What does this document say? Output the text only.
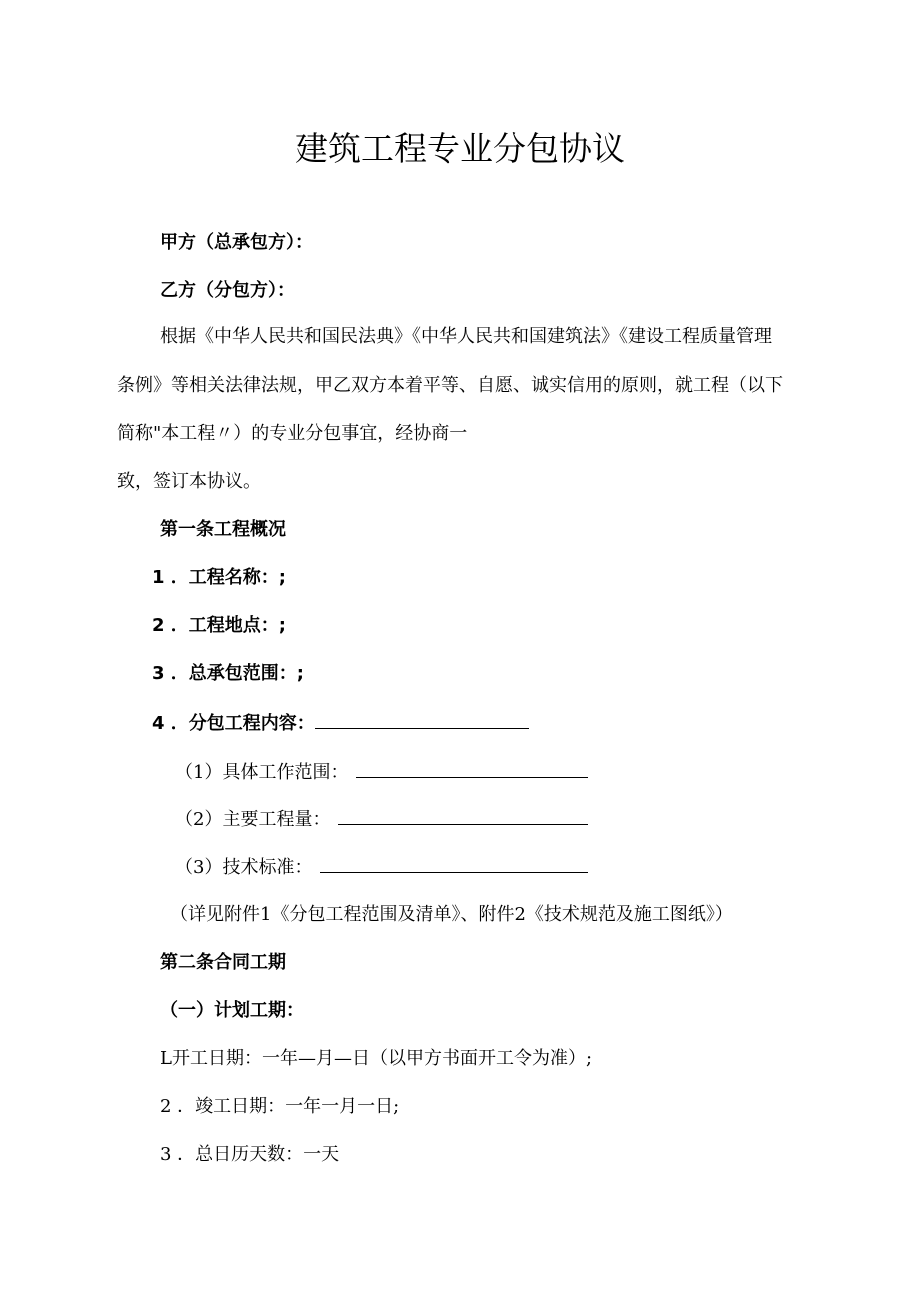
建筑工程专业分包协议
甲方（总承包方）：
乙方（分包方）：
根据《中华人民共和国民法典》《中华人民共和国建筑法》《建设工程质量管理
条例》等相关法律法规，甲乙双方本着平等、自愿、诚实信用的原则，就工程（以下
简称"本工程〃）的专业分包事宜，经协商一
致，签订本协议。
第一条工程概况
1 ．工程名称：;
2 ．工程地点：;
3 ．总承包范围：;
4 ．分包工程内容：
（1）具体工作范围：
（2）主要工程量：
（3）技术标准：
（详见附件1《分包工程范围及清单》、附件2《技术规范及施工图纸》）
第二条合同工期
（一）计划工期：
L开工日期：一年—月—日（以甲方书面开工令为准）;
2 ．竣工日期：一年一月一日;
3 ．总日历天数：一天
